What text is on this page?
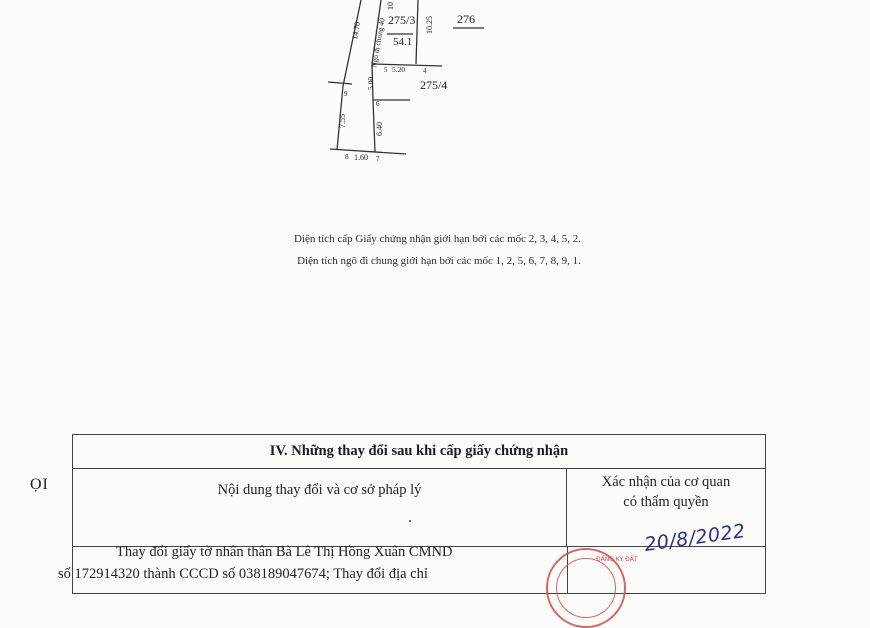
275/3
54.1
276
275/4
Ngõ đi chung 40
14.70
10
10.25
5.20
5.00
6.40
7.55
1.60
5	4
6
7
8
9
Diện tích cấp Giấy chứng nhận giới hạn bởi các mốc 2, 3, 4, 5, 2.
Diện tích ngõ đi chung giới hạn bởi các mốc 1, 2, 5, 6, 7, 8, 9, 1.
ỌI
IV. Những thay đổi sau khi cấp giấy chứng nhận
Nội dung thay đổi và cơ sở pháp lý	Xác nhận của cơ quan
có thẩm quyền
Thay đổi giấy tờ nhân thân Bà Lê Thị Hồng Xuân CMND
số 172914320 thành CCCD số 038189047674; Thay đổi địa chỉ
20/8/2022
ĐĂNG KÝ ĐẤT
